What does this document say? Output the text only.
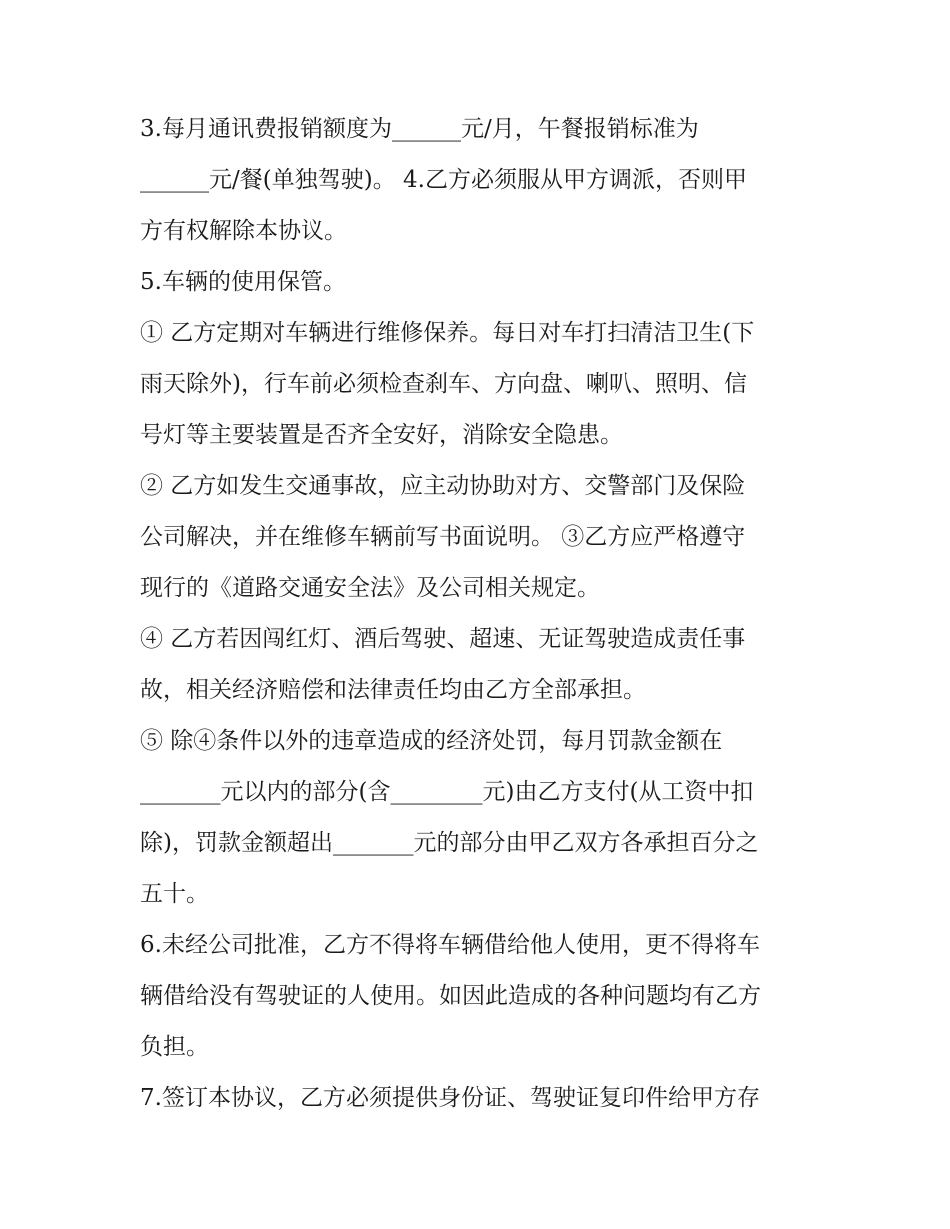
3.每月通讯费报销额度为______元/月，午餐报销标准为
______元/餐(单独驾驶)。 4.乙方必须服从甲方调派，否则甲
方有权解除本协议。
5.车辆的使用保管。
① 乙方定期对车辆进行维修保养。每日对车打扫清洁卫生(下
雨天除外)，行车前必须检查刹车、方向盘、喇叭、照明、信
号灯等主要装置是否齐全安好，消除安全隐患。
② 乙方如发生交通事故，应主动协助对方、交警部门及保险
公司解决，并在维修车辆前写书面说明。 ③乙方应严格遵守
现行的《道路交通安全法》及公司相关规定。
④ 乙方若因闯红灯、酒后驾驶、超速、无证驾驶造成责任事
故，相关经济赔偿和法律责任均由乙方全部承担。
⑤ 除④条件以外的违章造成的经济处罚，每月罚款金额在
_______元以内的部分(含________元)由乙方支付(从工资中扣
除)，罚款金额超出_______元的部分由甲乙双方各承担百分之
五十。
6.未经公司批准，乙方不得将车辆借给他人使用，更不得将车
辆借给没有驾驶证的人使用。如因此造成的各种问题均有乙方
负担。
7.签订本协议，乙方必须提供身份证、驾驶证复印件给甲方存
